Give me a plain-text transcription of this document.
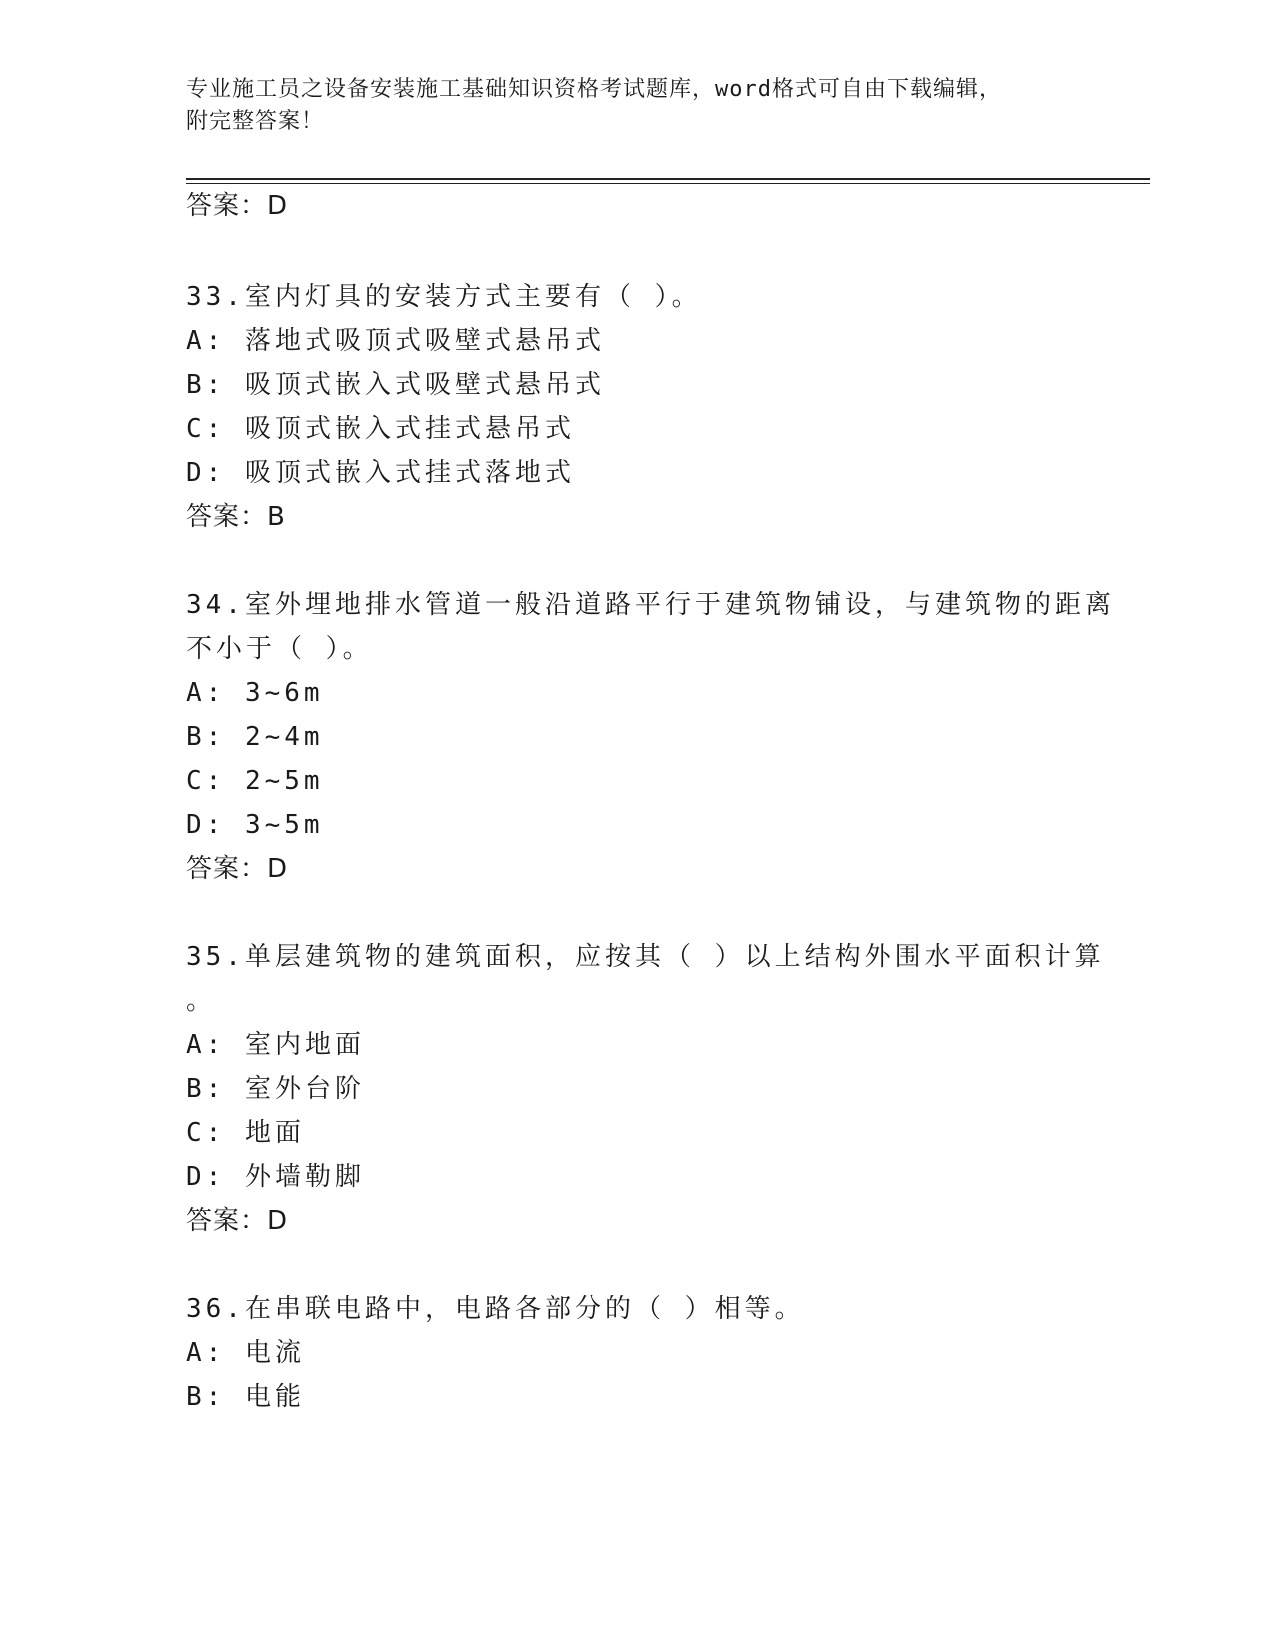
专业施工员之设备安装施工基础知识资格考试题库，word格式可自由下载编辑，
附完整答案！
答案：D
33.室内灯具的安装方式主要有（ ）。
A: 落地式吸顶式吸壁式悬吊式
B: 吸顶式嵌入式吸壁式悬吊式
C: 吸顶式嵌入式挂式悬吊式
D: 吸顶式嵌入式挂式落地式
答案：B
34.室外埋地排水管道一般沿道路平行于建筑物铺设，与建筑物的距离
不小于（ ）。
A: 3~6m
B: 2~4m
C: 2~5m
D: 3~5m
答案：D
35.单层建筑物的建筑面积，应按其（ ）以上结构外围水平面积计算
。
A: 室内地面
B: 室外台阶
C: 地面
D: 外墙勒脚
答案：D
36.在串联电路中，电路各部分的（ ）相等。
A: 电流
B: 电能
